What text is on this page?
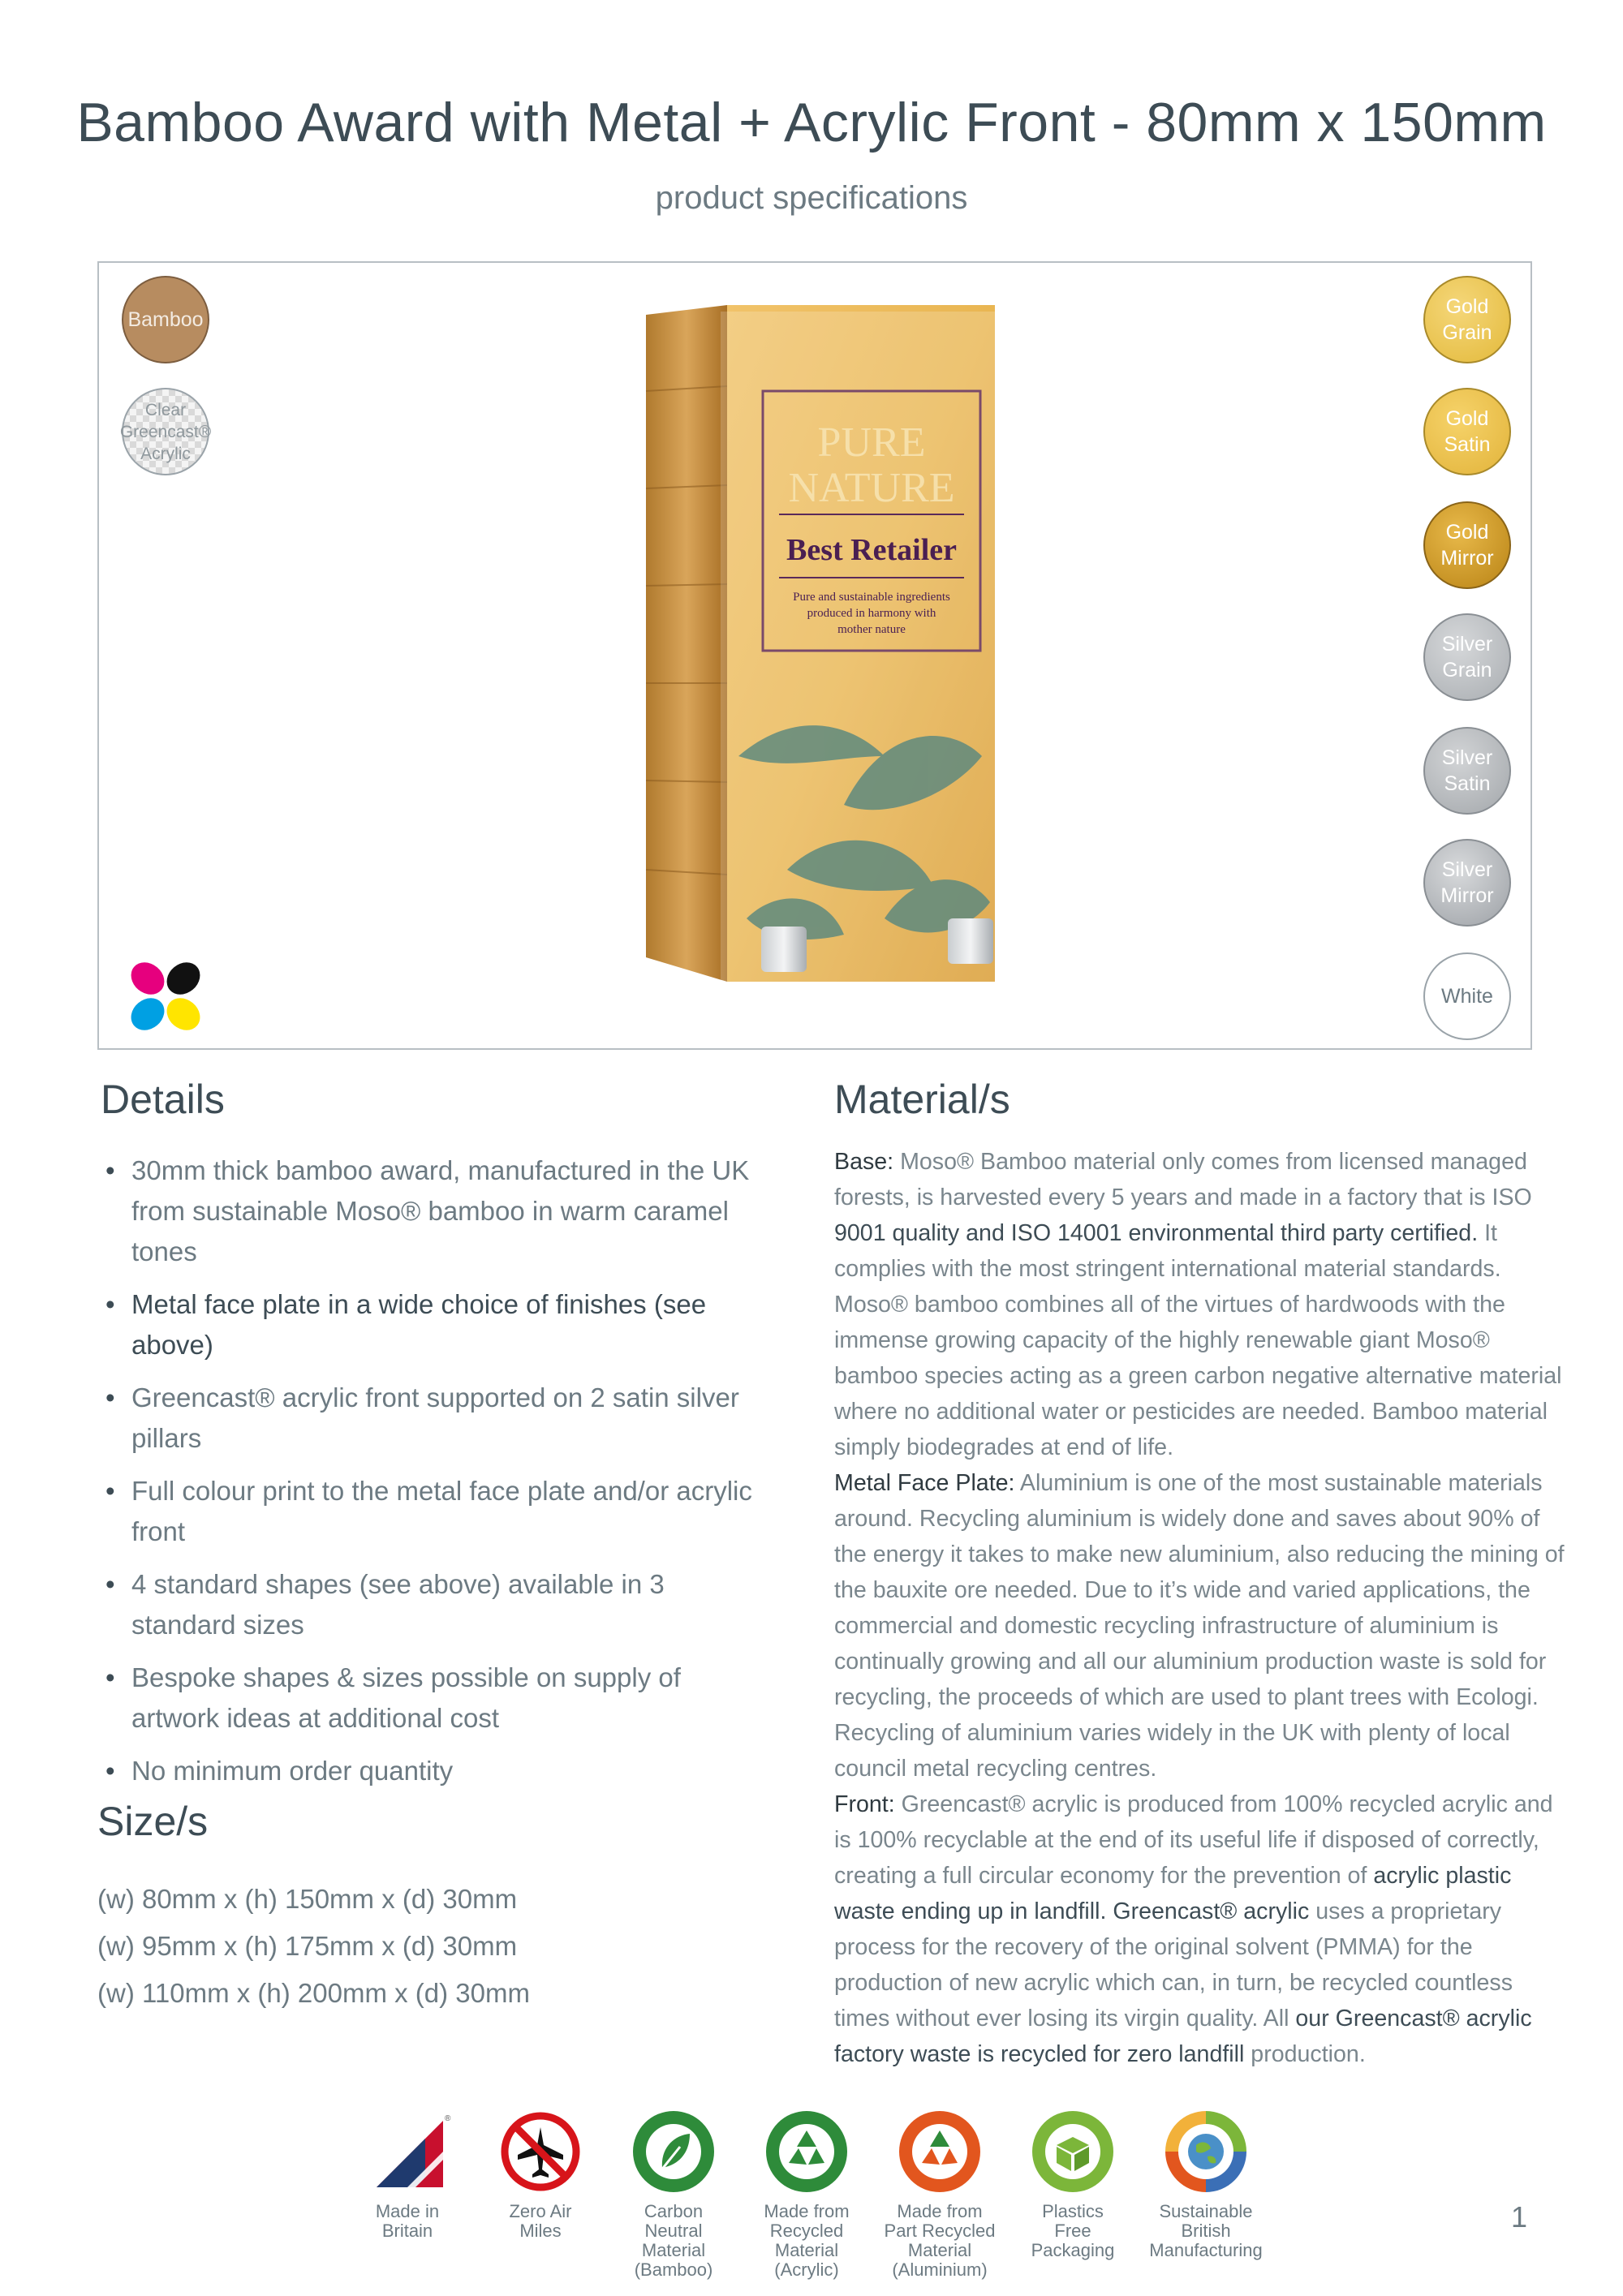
Bamboo Award with Metal + Acrylic Front - 80mm x 150mm
product specifications
Bamboo
Clear
Greencast®
Acrylic
Gold
Grain
Gold
Satin
Gold
Mirror
Silver
Grain
Silver
Satin
Silver
Mirror
White
PURE
NATURE
Best Retailer
Pure and sustainable ingredients
produced in harmony with
mother nature
Details
• 30mm thick bamboo award, manufactured in the UK from sustainable Moso® bamboo in warm caramel tones
• Metal face plate in a wide choice of finishes (see above)
• Greencast® acrylic front supported on 2 satin silver pillars
• Full colour print to the metal face plate and/or acrylic front
• 4 standard shapes (see above) available in 3 standard sizes
• Bespoke shapes & sizes possible on supply of artwork ideas at additional cost
• No minimum order quantity
Size/s
(w) 80mm x (h) 150mm x (d) 30mm
(w) 95mm x (h) 175mm x (d) 30mm
(w) 110mm x (h) 200mm x (d) 30mm
Material/s

Base: Moso® Bamboo material only comes from licensed managed forests, is harvested every 5 years and made in a factory that is ISO 9001 quality and ISO 14001 environmental third party certified. It complies with the most stringent international material standards. Moso® bamboo combines all of the virtues of hardwoods with the immense growing capacity of the highly renewable giant Moso® bamboo species acting as a green carbon negative alternative material where no additional water or pesticides are needed. Bamboo material simply biodegrades at end of life.

Metal Face Plate: Aluminium is one of the most sustainable materials around. Recycling aluminium is widely done and saves about 90% of the energy it takes to make new aluminium, also reducing the mining of the bauxite ore needed. Due to it’s wide and varied applications, the commercial and domestic recycling infrastructure of aluminium is continually growing and all our aluminium production waste is sold for recycling, the proceeds of which are used to plant trees with Ecologi. Recycling of aluminium varies widely in the UK with plenty of local council metal recycling centres.

Front: Greencast® acrylic is produced from 100% recycled acrylic and is 100% recyclable at the end of its useful life if disposed of correctly, creating a full circular economy for the prevention of acrylic plastic waste ending up in landfill. Greencast® acrylic uses a proprietary process for the recovery of the original solvent (PMMA) for the production of new acrylic which can, in turn, be recycled countless times without ever losing its virgin quality. All our Greencast® acrylic factory waste is recycled for zero landfill production.

®
Made in
Britain
Zero Air
Miles
Carbon
Neutral
Material
(Bamboo)
Made from
Recycled
Material
(Acrylic)
Made from
Part Recycled
Material
(Aluminium)
Plastics
Free
Packaging
Sustainable
British
Manufacturing
1
